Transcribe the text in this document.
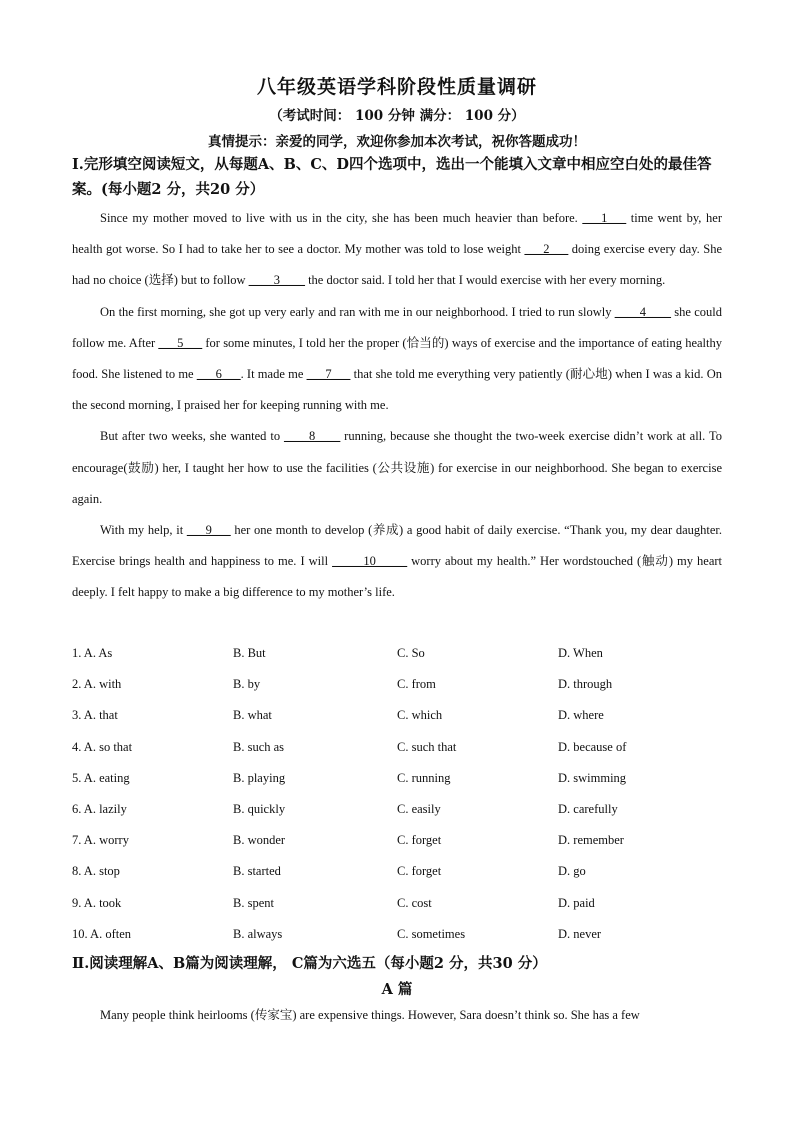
八年级英语学科阶段性质量调研
（考试时间： 100 分钟 满分： 100 分）
真情提示：亲爱的同学，欢迎你参加本次考试，祝你答题成功！
Ⅰ.完形填空阅读短文，从每题A、B、C、D四个选项中，选出一个能填入文章中相应空白处的最佳答案。(每小题2 分，共20 分）

Since my mother moved to live with us in the city, she has been much heavier than before. ___1___ time went by, her health got worse. So I had to take her to see a doctor. My mother was told to lose weight ___2___ doing exercise every day. She had no choice (选择) but to follow ____3____ the doctor said. I told her that I would exercise with her every morning.

On the first morning, she got up very early and ran with me in our neighborhood. I tried to run slowly ____4____ she could follow me. After ___5___ for some minutes, I told her the proper (恰当的) ways of exercise and the importance of eating healthy food. She listened to me ___6___. It made me ___7___ that she told me everything very patiently (耐心地) when I was a kid. On the second morning, I praised her for keeping running with me.

But after two weeks, she wanted to ____8____ running, because she thought the two-week exercise didn’t work at all. To encourage(鼓励) her, I taught her how to use the facilities (公共设施) for exercise in our neighborhood. She began to exercise again.

With my help, it ___9___ her one month to develop (养成) a good habit of daily exercise. “Thank you, my dear daughter. Exercise brings health and happiness to me. I will _____10_____ worry about my health.” Her wordstouched (触动) my heart deeply. I felt happy to make a big difference to my mother’s life.

1. A. As	B. But	C. So	D. When
2. A. with	B. by	C. from	D. through
3. A. that	B. what	C. which	D. where
4. A. so that	B. such as	C. such that	D. because of
5. A. eating	B. playing	C. running	D. swimming
6. A. lazily	B. quickly	C. easily	D. carefully
7. A. worry	B. wonder	C. forget	D. remember
8. A. stop	B. started	C. forget	D. go
9. A. took	B. spent	C. cost	D. paid
10. A. often	B. always	C. sometimes	D. never
Ⅱ.阅读理解A、B篇为阅读理解， C篇为六选五（每小题2 分，共30 分）
A 篇
Many people think heirlooms (传家宝) are expensive things. However, Sara doesn’t think so. She has a few
